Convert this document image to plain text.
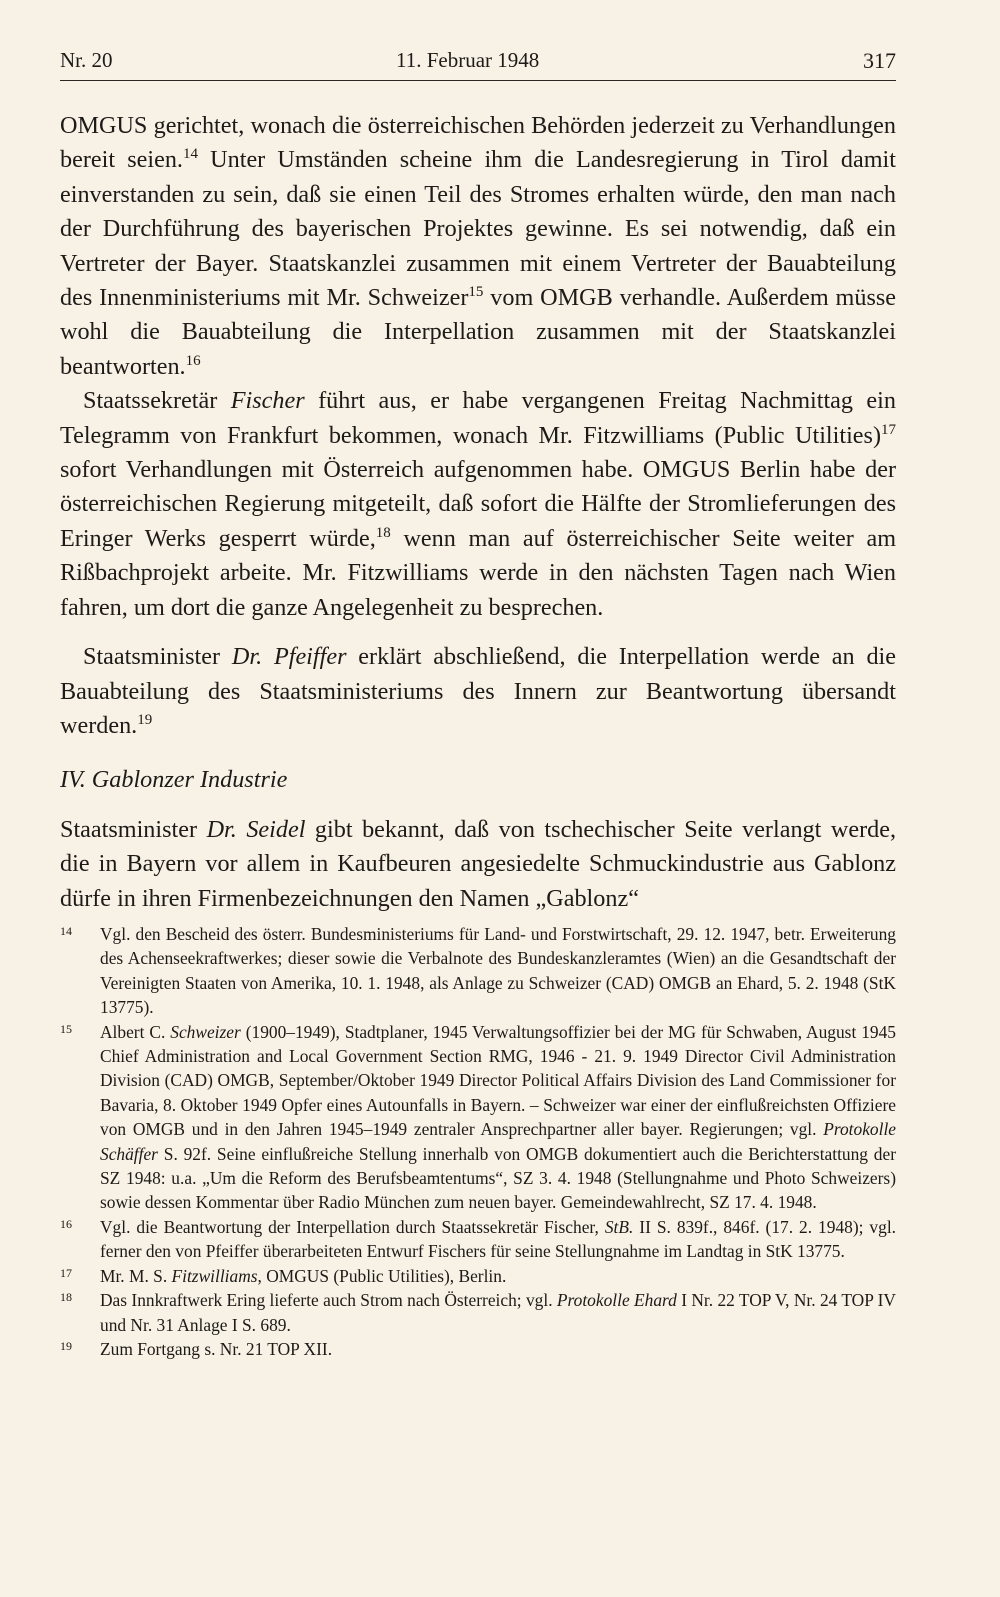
Nr. 20	11. Februar 1948	317

OMGUS gerichtet, wonach die österreichischen Behörden jederzeit zu Verhandlungen bereit seien.$^{14}$ Unter Umständen scheine ihm die Landesregierung in Tirol damit einverstanden zu sein, daß sie einen Teil des Stromes erhalten würde, den man nach der Durchführung des bayerischen Projektes gewinne. Es sei notwendig, daß ein Vertreter der Bayer. Staatskanzlei zusammen mit einem Vertreter der Bauabteilung des Innenministeriums mit Mr. Schweizer$^{15}$ vom OMGB verhandle. Außerdem müsse wohl die Bauabteilung die Interpellation zusammen mit der Staatskanzlei beantworten.$^{16}$

Staatssekretär Fischer führt aus, er habe vergangenen Freitag Nachmittag ein Telegramm von Frankfurt bekommen, wonach Mr. Fitzwilliams (Public Utilities)$^{17}$ sofort Verhandlungen mit Österreich aufgenommen habe. OMGUS Berlin habe der österreichischen Regierung mitgeteilt, daß sofort die Hälfte der Stromlieferungen des Eringer Werks gesperrt würde,$^{18}$ wenn man auf österreichischer Seite weiter am Rißbachprojekt arbeite. Mr. Fitzwilliams werde in den nächsten Tagen nach Wien fahren, um dort die ganze Angelegenheit zu besprechen.

Staatsminister Dr. Pfeiffer erklärt abschließend, die Interpellation werde an die Bauabteilung des Staatsministeriums des Innern zur Beantwortung übersandt werden.$^{19}$

IV. Gablonzer Industrie

Staatsminister Dr. Seidel gibt bekannt, daß von tschechischer Seite verlangt werde, die in Bayern vor allem in Kaufbeuren angesiedelte Schmuckindustrie aus Gablonz dürfe in ihren Firmenbezeichnungen den Namen „Gablonz“

14 Vgl. den Bescheid des österr. Bundesministeriums für Land- und Forstwirtschaft, 29. 12. 1947, betr. Erweiterung des Achenseekraftwerkes; dieser sowie die Verbalnote des Bundeskanzleramtes (Wien) an die Gesandtschaft der Vereinigten Staaten von Amerika, 10. 1. 1948, als Anlage zu Schweizer (CAD) OMGB an Ehard, 5. 2. 1948 (StK 13775).

15 Albert C. Schweizer (1900–1949), Stadtplaner, 1945 Verwaltungsoffizier bei der MG für Schwaben, August 1945 Chief Administration and Local Government Section RMG, 1946 - 21. 9. 1949 Director Civil Administration Division (CAD) OMGB, September/Oktober 1949 Director Political Affairs Division des Land Commissioner for Bavaria, 8. Oktober 1949 Opfer eines Autounfalls in Bayern. – Schweizer war einer der einflußreichsten Offiziere von OMGB und in den Jahren 1945–1949 zentraler Ansprechpartner aller bayer. Regierungen; vgl. Protokolle Schäffer S. 92f. Seine einflußreiche Stellung innerhalb von OMGB dokumentiert auch die Berichterstattung der SZ 1948: u.a. „Um die Reform des Berufsbeamtentums“, SZ 3. 4. 1948 (Stellungnahme und Photo Schweizers) sowie dessen Kommentar über Radio München zum neuen bayer. Gemeindewahlrecht, SZ 17. 4. 1948.

16 Vgl. die Beantwortung der Interpellation durch Staatssekretär Fischer, StB. II S. 839f., 846f. (17. 2. 1948); vgl. ferner den von Pfeiffer überarbeiteten Entwurf Fischers für seine Stellungnahme im Landtag in StK 13775.

17 Mr. M. S. Fitzwilliams, OMGUS (Public Utilities), Berlin.

18 Das Innkraftwerk Ering lieferte auch Strom nach Österreich; vgl. Protokolle Ehard I Nr. 22 TOP V, Nr. 24 TOP IV und Nr. 31 Anlage I S. 689.

19 Zum Fortgang s. Nr. 21 TOP XII.
